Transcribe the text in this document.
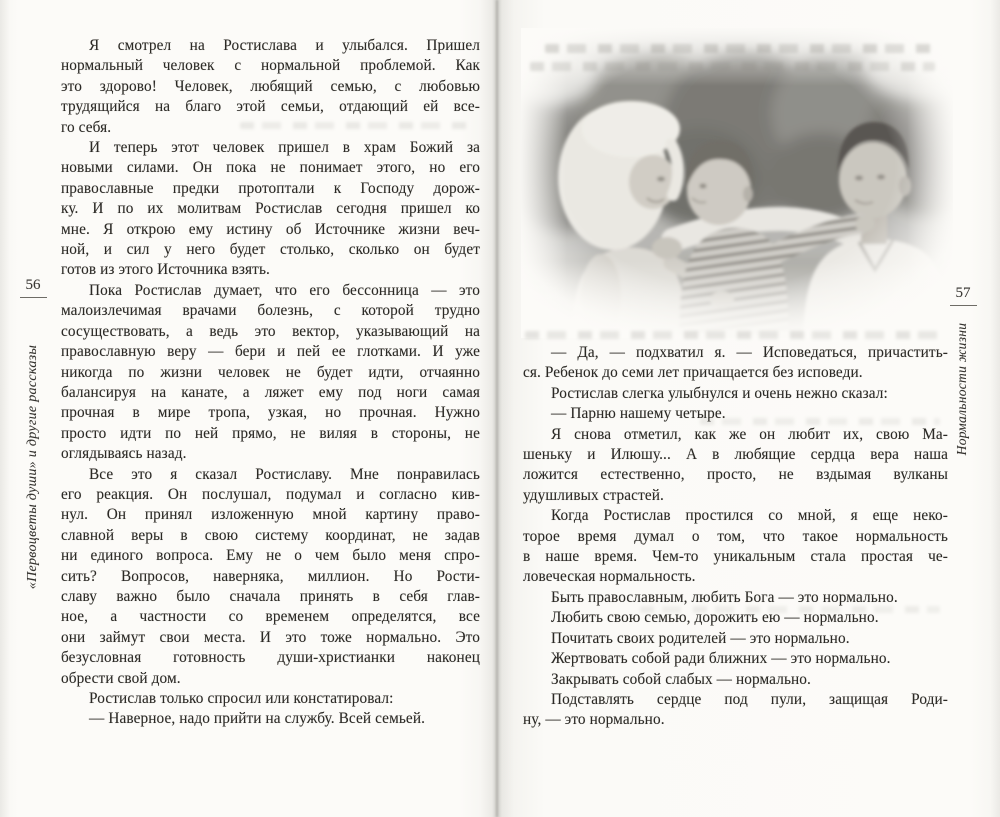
56
«Первоцветы души» и другие рассказы
57
Нормальности жизни
Я смотрел на Ростислава и улыбался. Пришел
нормальный человек с нормальной проблемой. Как
это здорово! Человек, любящий семью, с любовью
трудящийся на благо этой семьи, отдающий ей все-
го себя.
И теперь этот человек пришел в храм Божий за
новыми силами. Он пока не понимает этого, но его
православные предки протоптали к Господу дорож-
ку. И по их молитвам Ростислав сегодня пришел ко
мне. Я открою ему истину об Источнике жизни веч-
ной, и сил у него будет столько, сколько он будет
готов из этого Источника взять.
Пока Ростислав думает, что его бессонница — это
малоизлечимая врачами болезнь, с которой трудно
сосуществовать, а ведь это вектор, указывающий на
православную веру — бери и пей ее глотками. И уже
никогда по жизни человек не будет идти, отчаянно
балансируя на канате, а ляжет ему под ноги самая
прочная в мире тропа, узкая, но прочная. Нужно
просто идти по ней прямо, не виляя в стороны, не
оглядываясь назад.
Все это я сказал Ростиславу. Мне понравилась
его реакция. Он послушал, подумал и согласно кив-
нул. Он принял изложенную мной картину право-
славной веры в свою систему координат, не задав
ни единого вопроса. Ему не о чем было меня спро-
сить? Вопросов, наверняка, миллион. Но Рости-
славу важно было сначала принять в себя глав-
ное, а частности со временем определятся, все
они займут свои места. И это тоже нормально. Это
безусловная готовность души-христианки наконец
обрести свой дом.
Ростислав только спросил или констатировал:
— Наверное, надо прийти на службу. Всей семьей.
— Да, — подхватил я. — Исповедаться, причастить-
ся. Ребенок до семи лет причащается без исповеди.
Ростислав слегка улыбнулся и очень нежно сказал:
— Парню нашему четыре.
Я снова отметил, как же он любит их, свою Ма-
шеньку и Илюшу... А в любящие сердца вера наша
ложится естественно, просто, не вздымая вулканы
удушливых страстей.
Когда Ростислав простился со мной, я еще неко-
торое время думал о том, что такое нормальность
в наше время. Чем-то уникальным стала простая че-
ловеческая нормальность.
Быть православным, любить Бога — это нормально.
Любить свою семью, дорожить ею — нормально.
Почитать своих родителей — это нормально.
Жертвовать собой ради ближних — это нормально.
Закрывать собой слабых — нормально.
Подставлять сердце под пули, защищая Роди-
ну, — это нормально.
